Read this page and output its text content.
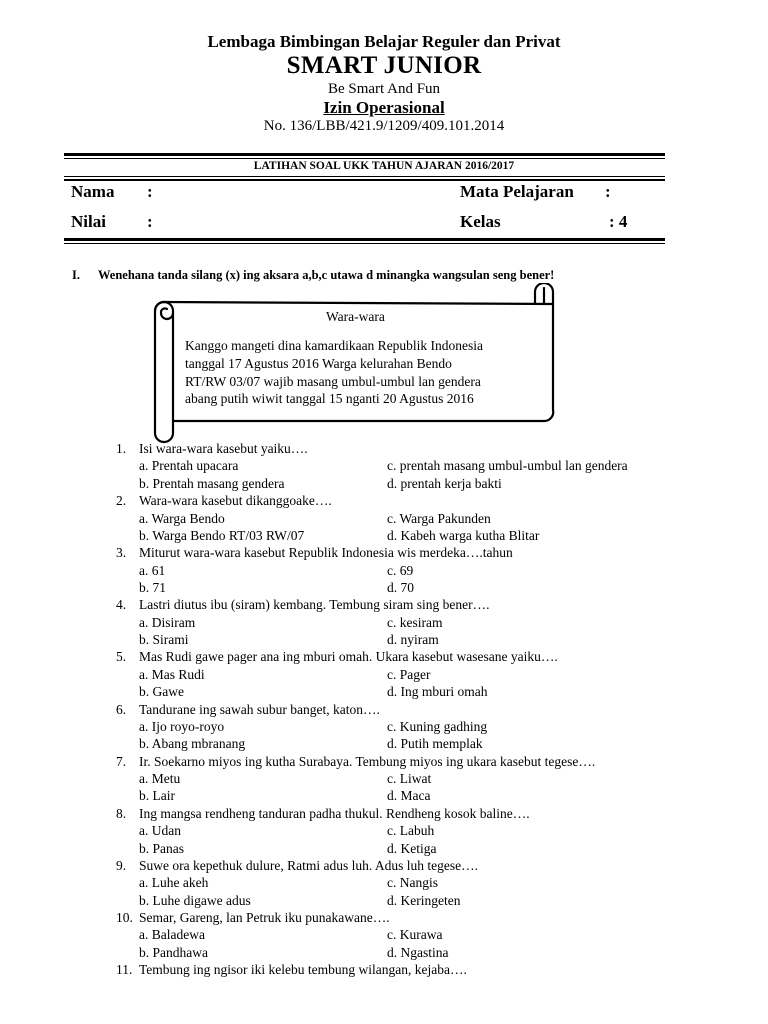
Lembaga Bimbingan Belajar Reguler dan Privat
SMART JUNIOR
Be Smart And Fun
Izin Operasional
No. 136/LBB/421.9/1209/409.101.2014
LATIHAN SOAL UKK TAHUN AJARAN 2016/2017
Nama :	Mata Pelajaran :
Nilai :	Kelas	: 4
I. Wenehana tanda silang (x) ing aksara a,b,c utawa d minangka wangsulan seng bener!
Wara-wara
Kanggo mangeti dina kamardikaan Republik Indonesia
tanggal 17 Agustus 2016 Warga kelurahan Bendo
RT/RW 03/07 wajib masang umbul-umbul lan gendera
abang putih wiwit tanggal 15 nganti 20 Agustus 2016
1. Isi wara-wara kasebut yaiku….
a. Prentah upacara	c. prentah masang umbul-umbul lan gendera
b. Prentah masang gendera	d. prentah kerja bakti
2. Wara-wara kasebut dikanggoake….
a. Warga Bendo	c. Warga Pakunden
b. Warga Bendo RT/03 RW/07	d. Kabeh warga kutha Blitar
3. Miturut wara-wara kasebut Republik Indonesia wis merdeka….tahun
a. 61	c. 69
b. 71	d. 70
4. Lastri diutus ibu (siram) kembang. Tembung siram sing bener….
a. Disiram	c. kesiram
b. Sirami	d. nyiram
5. Mas Rudi gawe pager ana ing mburi omah. Ukara kasebut wasesane yaiku….
a. Mas Rudi	c. Pager
b. Gawe	d. Ing mburi omah
6. Tandurane ing sawah subur banget, katon….
a. Ijo royo-royo	c. Kuning gadhing
b. Abang mbranang	d. Putih memplak
7. Ir. Soekarno miyos ing kutha Surabaya. Tembung miyos ing ukara kasebut tegese….
a. Metu	c. Liwat
b. Lair	d. Maca
8. Ing mangsa rendheng tanduran padha thukul. Rendheng kosok baline….
a. Udan	c. Labuh
b. Panas	d. Ketiga
9. Suwe ora kepethuk dulure, Ratmi adus luh. Adus luh tegese….
a. Luhe akeh	c. Nangis
b. Luhe digawe adus	d. Keringeten
10. Semar, Gareng, lan Petruk iku punakawane….
a. Baladewa	c. Kurawa
b. Pandhawa	d. Ngastina
11. Tembung ing ngisor iki kelebu tembung wilangan, kejaba….
